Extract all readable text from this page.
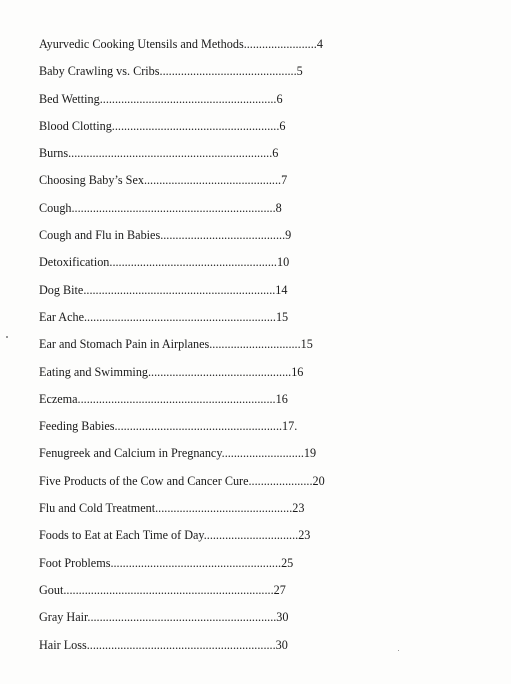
Ayurvedic Cooking Utensils and Methods........................4
Baby Crawling vs. Cribs.............................................5
Bed Wetting..........................................................6
Blood Clotting.......................................................6
Burns...................................................................6
Choosing Baby’s Sex.............................................7
Cough...................................................................8
Cough and Flu in Babies.........................................9
Detoxification.......................................................10
Dog Bite...............................................................14
Ear Ache...............................................................15
Ear and Stomach Pain in Airplanes..............................15
Eating and Swimming...............................................16
Eczema.................................................................16
Feeding Babies.......................................................17.
Fenugreek and Calcium in Pregnancy...........................19
Five Products of the Cow and Cancer Cure.....................20
Flu and Cold Treatment.............................................23
Foods to Eat at Each Time of Day...............................23
Foot Problems........................................................25
Gout.....................................................................27
Gray Hair..............................................................30
Hair Loss..............................................................30
